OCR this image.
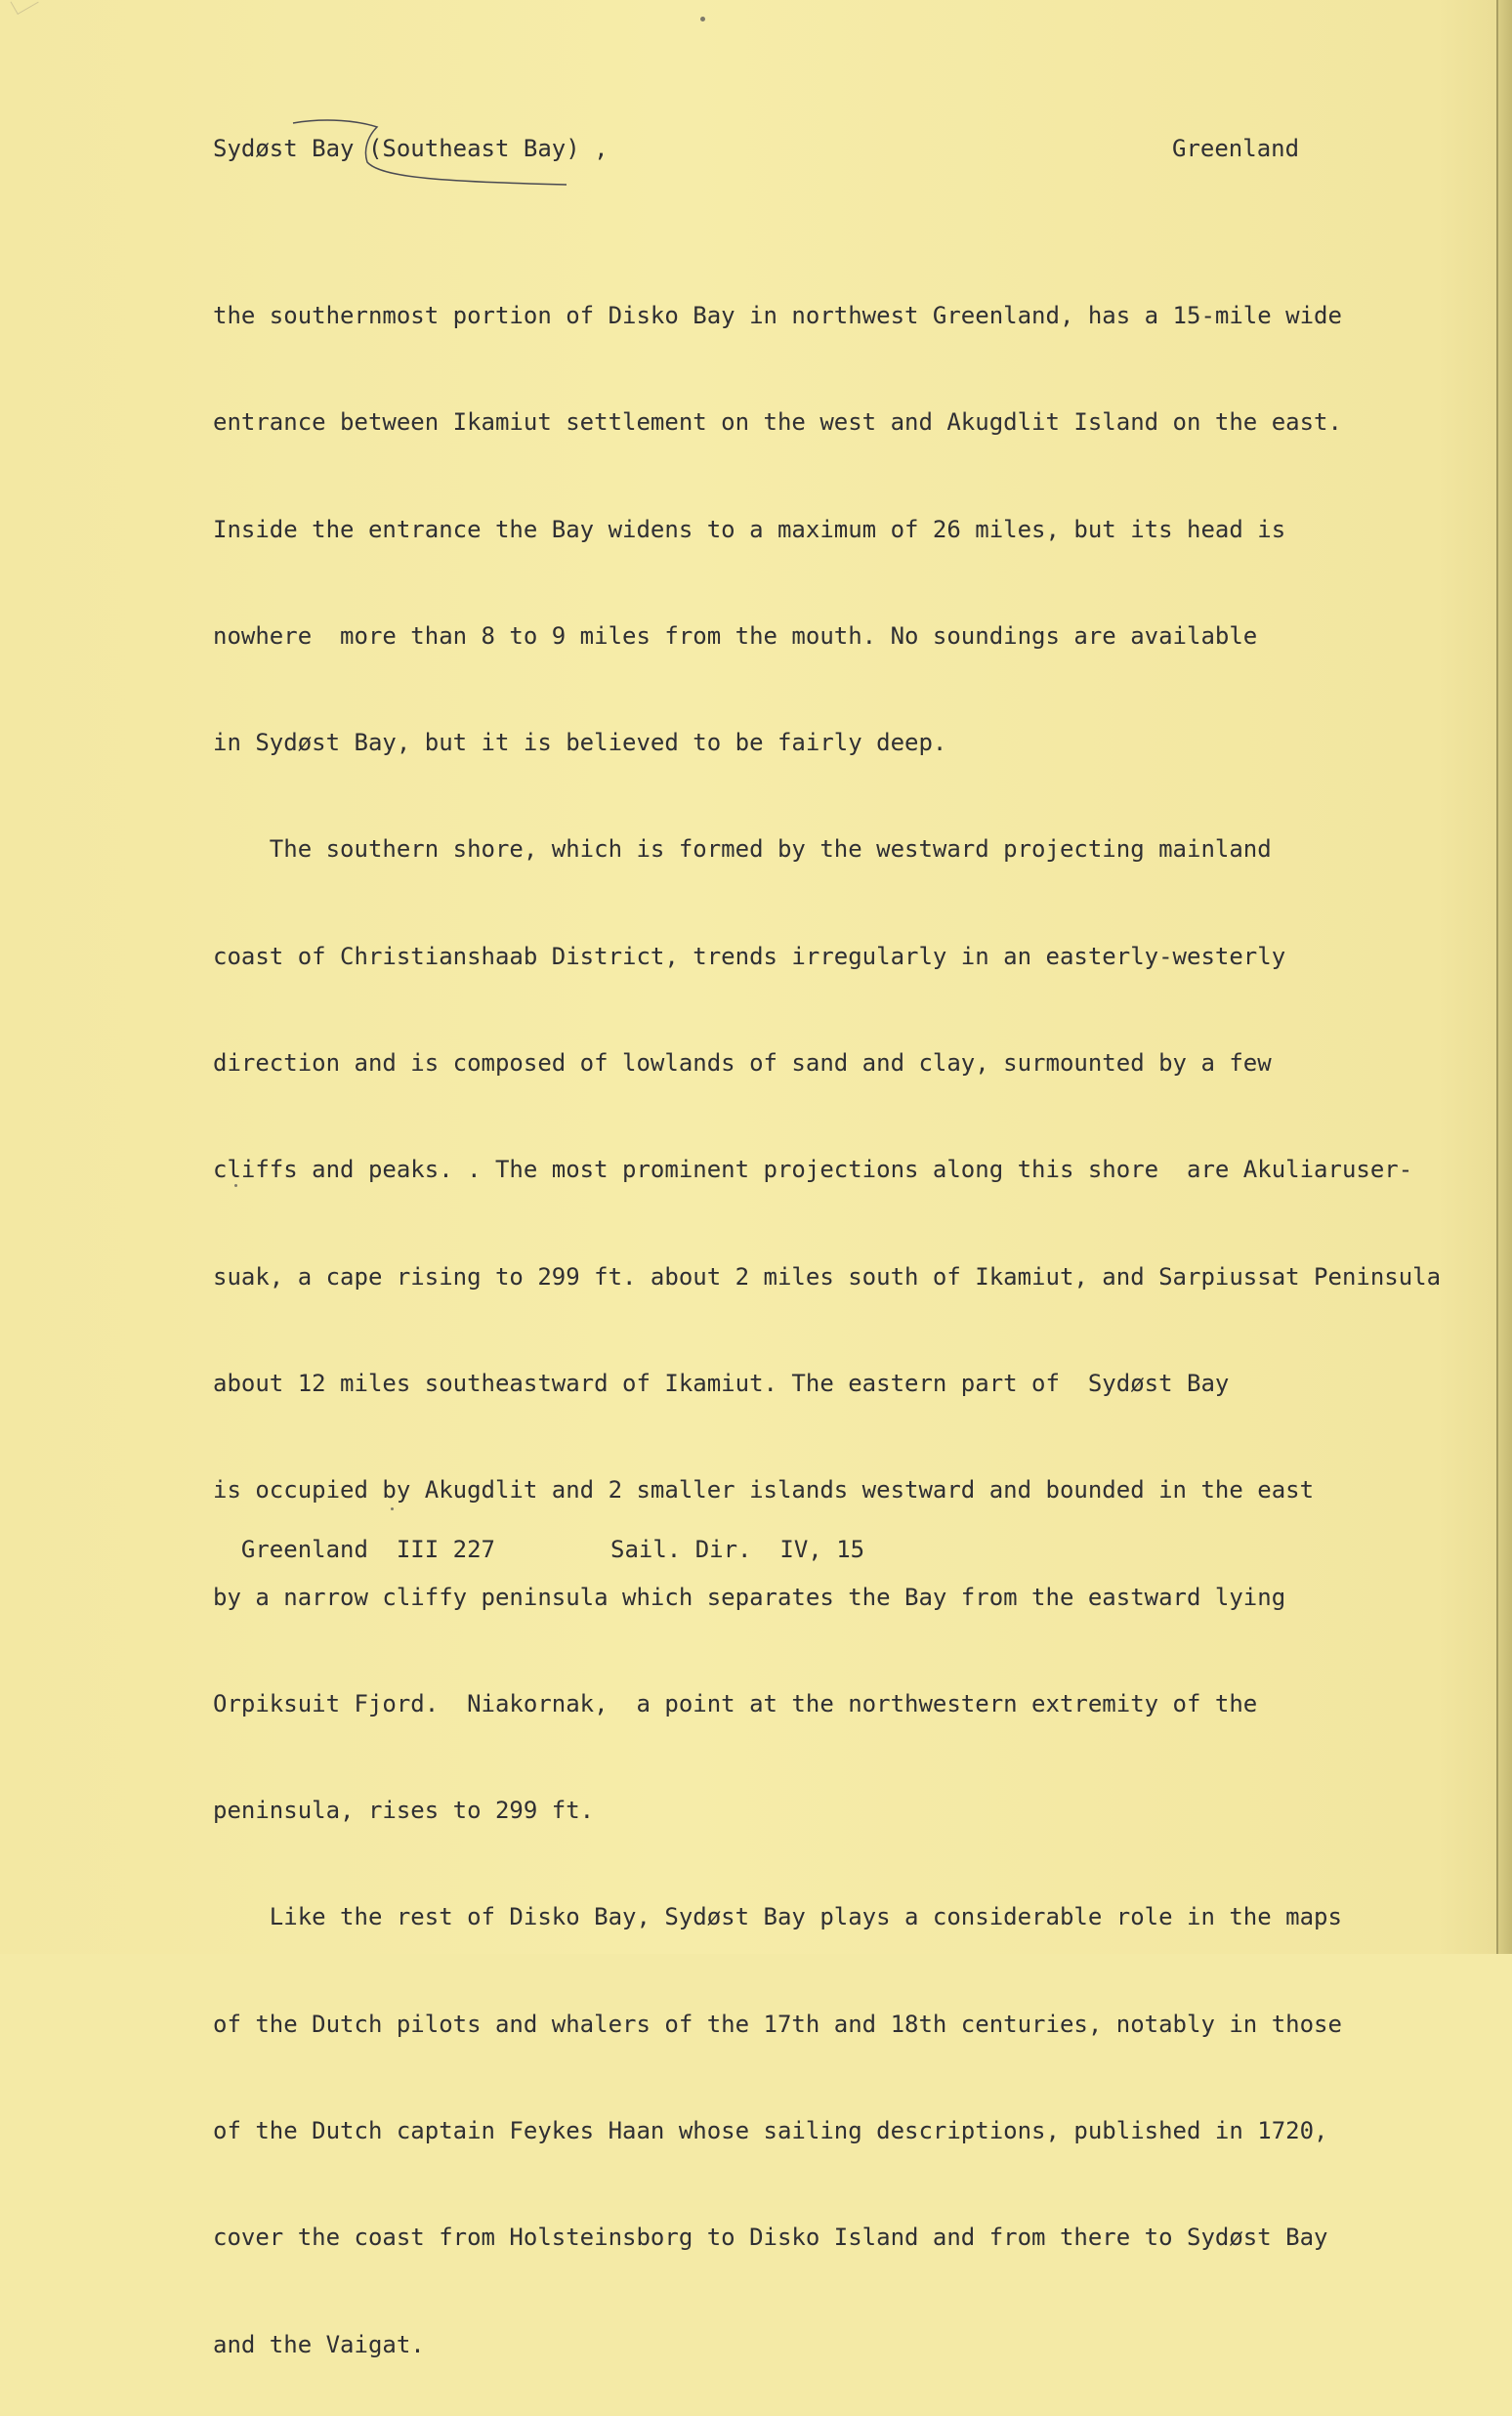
Sydøst Bay (Southeast Bay) ,	Greenland

the southernmost portion of Disko Bay in northwest Greenland, has a 15-mile wide

entrance between Ikamiut settlement on the west and Akugdlit Island on the east.

Inside the entrance the Bay widens to a maximum of 26 miles, but its head is

nowhere  more than 8 to 9 miles from the mouth. No soundings are available

in Sydøst Bay, but it is believed to be fairly deep.

The southern shore, which is formed by the westward projecting mainland

coast of Christianshaab District, trends irregularly in an easterly-westerly

direction and is composed of lowlands of sand and clay, surmounted by a few

cliffs and peaks. . The most prominent projections along this shore  are Akuliaruser-

suak, a cape rising to 299 ft. about 2 miles south of Ikamiut, and Sarpiussat Peninsula

about 12 miles southeastward of Ikamiut. The eastern part of  Sydøst Bay

is occupied by Akugdlit and 2 smaller islands westward and bounded in the east

by a narrow cliffy peninsula which separates the Bay from the eastward lying

Orpiksuit Fjord.  Niakornak,  a point at the northwestern extremity of the

peninsula, rises to 299 ft.

Like the rest of Disko Bay, Sydøst Bay plays a considerable role in the maps

of the Dutch pilots and whalers of the 17th and 18th centuries, notably in those

of the Dutch captain Feykes Haan whose sailing descriptions, published in 1720,

cover the coast from Holsteinsborg to Disko Island and from there to Sydøst Bay

and the Vaigat.

Greenland  III 227	Sail. Dir.  IV, 15
